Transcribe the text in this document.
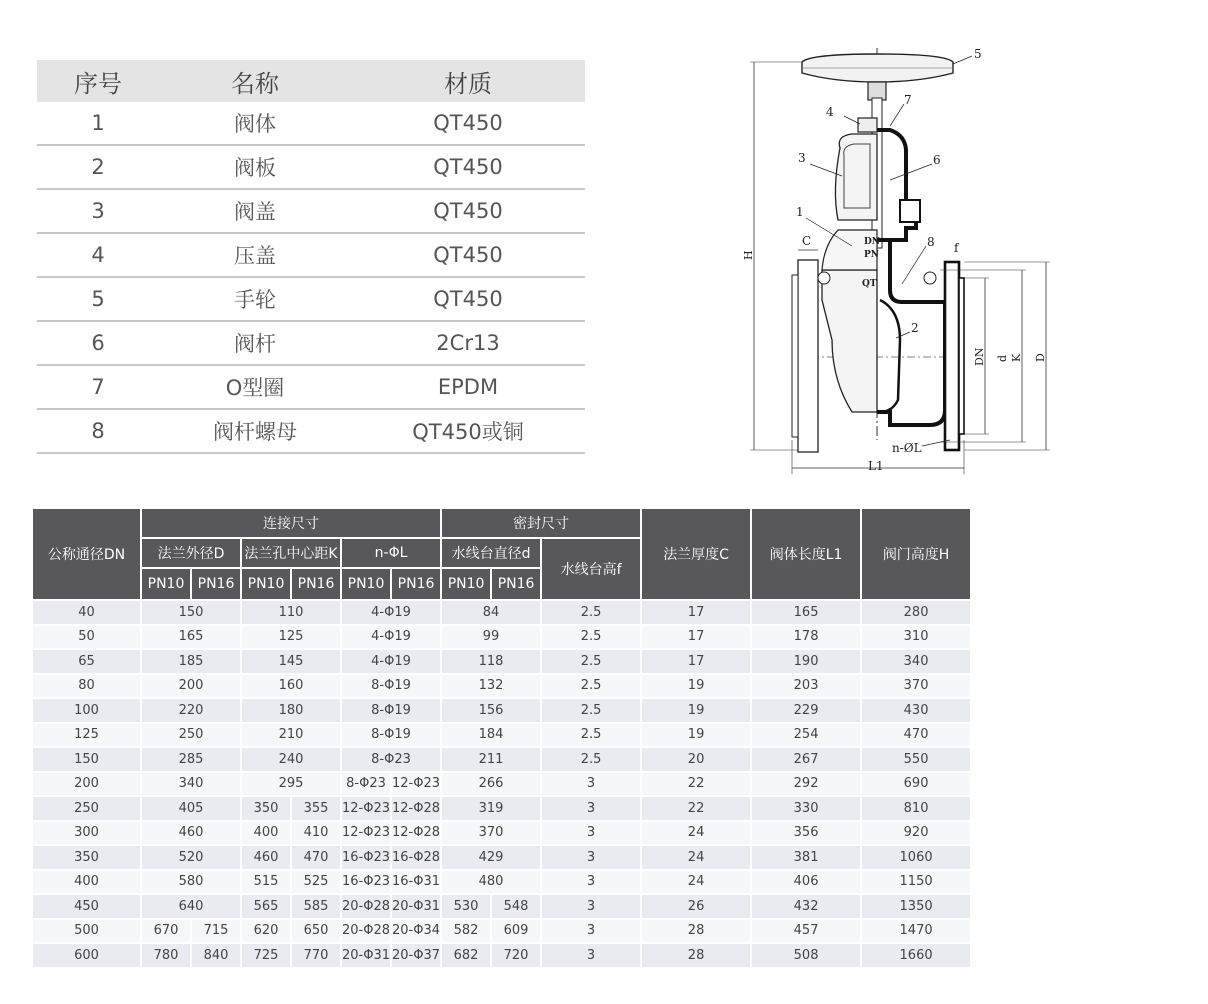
序号	名称	材质
1	阀体	QT450
2	阀板	QT450
3	阀盖	QT450
4	压盖	QT450
5	手轮	QT450
6	阀杆	2Cr13
7	O型圈	EPDM
8	阀杆螺母	QT450或铜
5
4
7
3	6
1
8
2
DN
PN
QT
C	f
H
DN d K D
L1
n-ØL
公称通径DN	连接尺寸						密封尺寸			法兰厚度C	阀体长度L1	阀门高度H
	法兰外径D		法兰孔中心距K		n-ΦL		水线台直径d		水线台高f			
	PN10	PN16	PN10	PN16	PN10	PN16	PN10	PN16				
40	150		110		4-Φ19		84		2.5	17	165	280
50	165		125		4-Φ19		99		2.5	17	178	310
65	185		145		4-Φ19		118		2.5	17	190	340
80	200		160		8-Φ19		132		2.5	19	203	370
100	220		180		8-Φ19		156		2.5	19	229	430
125	250		210		8-Φ19		184		2.5	19	254	470
150	285		240		8-Φ23		211		2.5	20	267	550
200	340		295		8-Φ23	12-Φ23	266		3	22	292	690
250	405		350	355	12-Φ23	12-Φ28	319		3	22	330	810
300	460		400	410	12-Φ23	12-Φ28	370		3	24	356	920
350	520		460	470	16-Φ23	16-Φ28	429		3	24	381	1060
400	580		515	525	16-Φ23	16-Φ31	480		3	24	406	1150
450	640		565	585	20-Φ28	20-Φ31	530	548	3	26	432	1350
500	670	715	620	650	20-Φ28	20-Φ34	582	609	3	28	457	1470
600	780	840	725	770	20-Φ31	20-Φ37	682	720	3	28	508	1660
